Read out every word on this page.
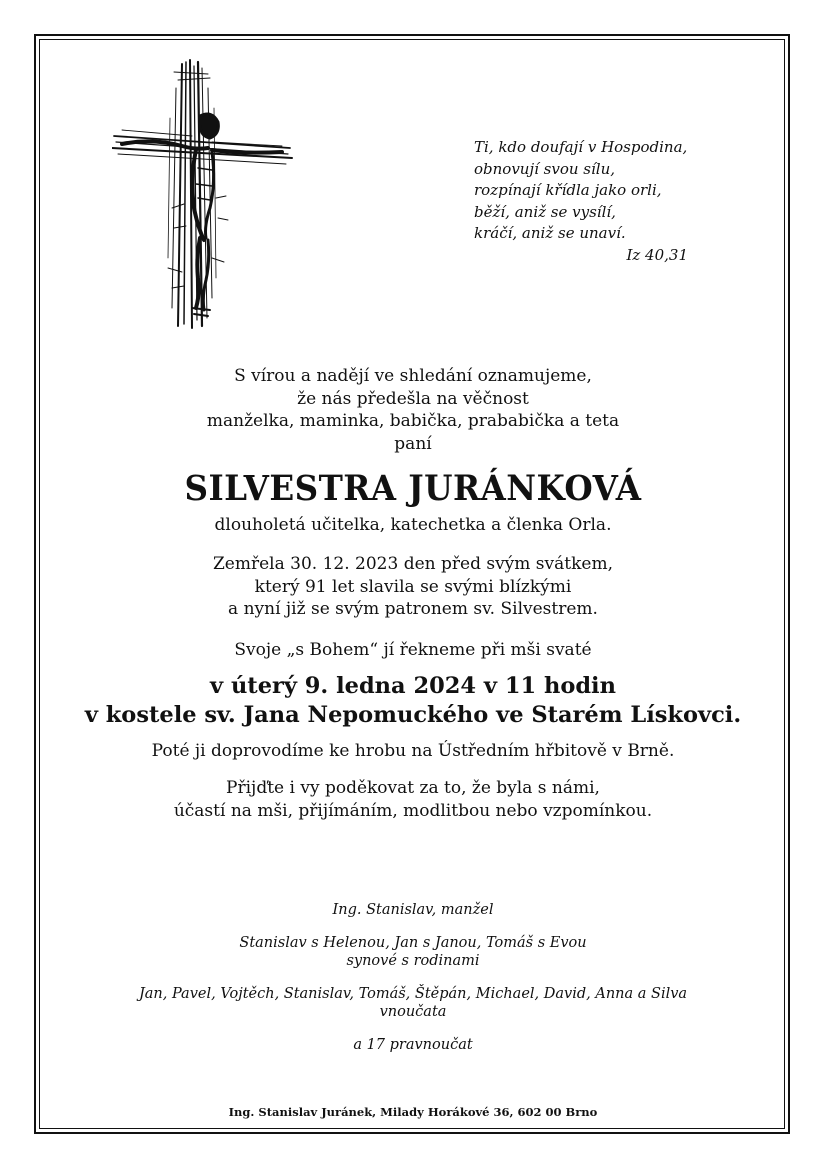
Ti, kdo doufají v Hospodina,
obnovují svou sílu,
rozpínají křídla jako orli,
běží, aniž se vysílí,
kráčí, aniž se unaví.
Iz 40,31
S vírou a nadějí ve shledání oznamujeme,
že nás předešla na věčnost
manželka, maminka, babička, prababička a teta
paní
SILVESTRA JURÁNKOVÁ
dlouholetá učitelka, katechetka a členka Orla.
Zemřela 30. 12. 2023 den před svým svátkem,
který 91 let slavila se svými blízkými
a nyní již se svým patronem sv. Silvestrem.
Svoje „s Bohem“ jí řekneme při mši svaté
v úterý 9. ledna 2024 v 11 hodin
v kostele sv. Jana Nepomuckého ve Starém Lískovci.
Poté ji doprovodíme ke hrobu na Ústředním hřbitově v Brně.
Přijďte i vy poděkovat za to, že byla s námi,
účastí na mši, přijímáním, modlitbou nebo vzpomínkou.
Ing. Stanislav, manžel
Stanislav s Helenou, Jan s Janou, Tomáš s Evou
synové s rodinami
Jan, Pavel, Vojtěch, Stanislav, Tomáš, Štěpán, Michael, David, Anna a Silva
vnoučata
a 17 pravnoučat
Ing. Stanislav Juránek, Milady Horákové 36, 602 00 Brno
